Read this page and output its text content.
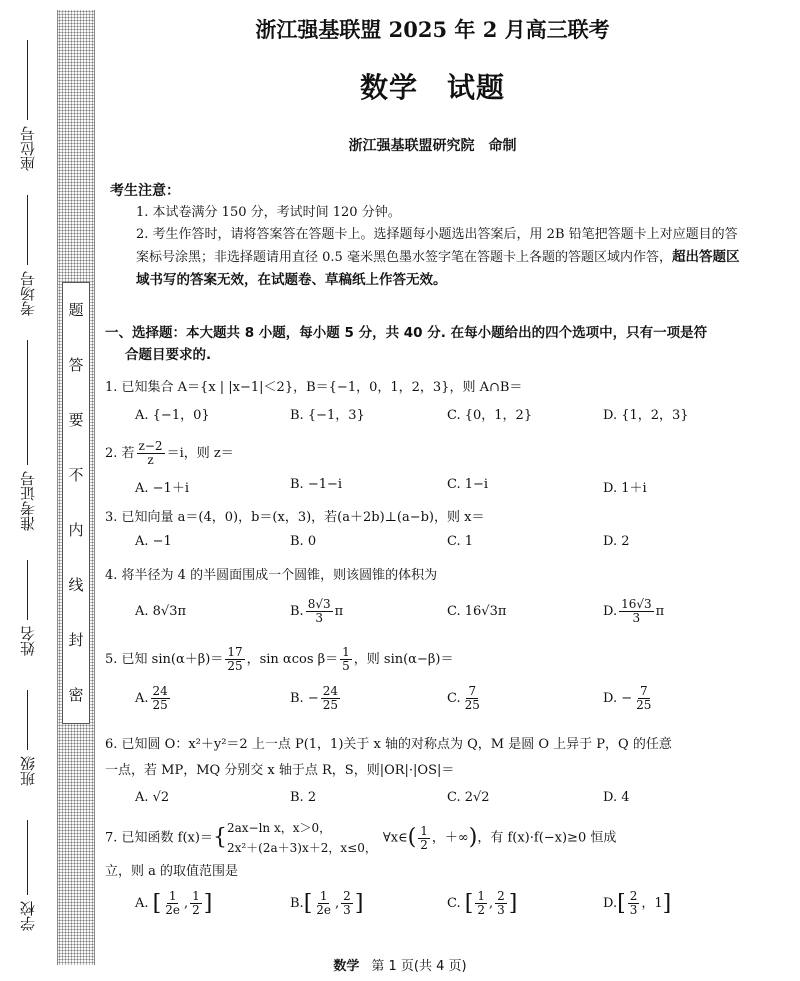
题
答
要
不
内
线
封
密
座位号
考场号
准考证号
姓名
班级
学校
浙江强基联盟 2025 年 2 月高三联考
数学　试题
浙江强基联盟研究院　命制
考生注意：
1. 本试卷满分 150 分，考试时间 120 分钟。
2. 考生作答时，请将答案答在答题卡上。选择题每小题选出答案后，用 2B 铅笔把答题卡上对应题目的答案标号涂黑；非选择题请用直径 0.5 毫米黑色墨水签字笔在答题卡上各题的答题区域内作答，超出答题区域书写的答案无效，在试题卷、草稿纸上作答无效。
一、选择题：本大题共 8 小题，每小题 5 分，共 40 分. 在每小题给出的四个选项中，只有一项是符
合题目要求的.
1. 已知集合 A＝{x | |x−1|＜2}，B＝{−1，0，1，2，3}，则 A∩B＝
A. {−1，0}	B. {−1，3}	C. {0，1，2}	D. {1，2，3}
2. 若 $\frac{z-2}{z} =i$，则 z＝
A. −1＋i	B. −1−i	C. 1−i	D. 1＋i
3. 已知向量 a＝(4，0)，b＝(x，3)，若(a＋2b)⊥(a−b)，则 x＝
A. −1	B. 0	C. 1	D. 2
4. 将半径为 4 的半圆面围成一个圆锥，则该圆锥的体积为
A. 8√3π	B. $\frac{8√3}{3}$ π	C. 16√3π	D. $\frac{16√3}{3}$ π
5. 已知 $\sin(\alpha+\beta)= \frac{17}{25}$ ，sin αcos $\beta= \frac{1}{5}$ ，则 sin(α−β)＝
A. $\frac{24}{25}$	B. − $\frac{24}{25}$	C. $\frac{7}{25}$	D. − $\frac{7}{25}$
6. 已知圆 O：x²＋y²＝2 上一点 P(1，1)关于 x 轴的对称点为 Q，M 是圆 O 上异于 P，Q 的任意
一点，若 MP，MQ 分别交 x 轴于点 R，S，则|OR|·|OS|＝
A. √2	B. 2	C. 2√2	D. 4
7. 已知函数 f(x)＝{ 2ax−ln x，x＞0，
2x²＋(2a＋3)x＋2，x≤0，
∀x∈( $\frac{1}{2}$ ，＋∞)，有 f(x)·f(−x)≥0 恒成
立，则 a 的取值范围是
A. [ $\frac{1}{2e}$ , $\frac{1}{2}$ ]	$B.[ \frac{1}{2e}$ , $\frac{2}{3}$ ]	C. [ $\frac{1}{2}$ , $\frac{2}{3}$ ]	$D.[ \frac{2}{3}$ ，1]
数学 第 1 页(共 4 页)
